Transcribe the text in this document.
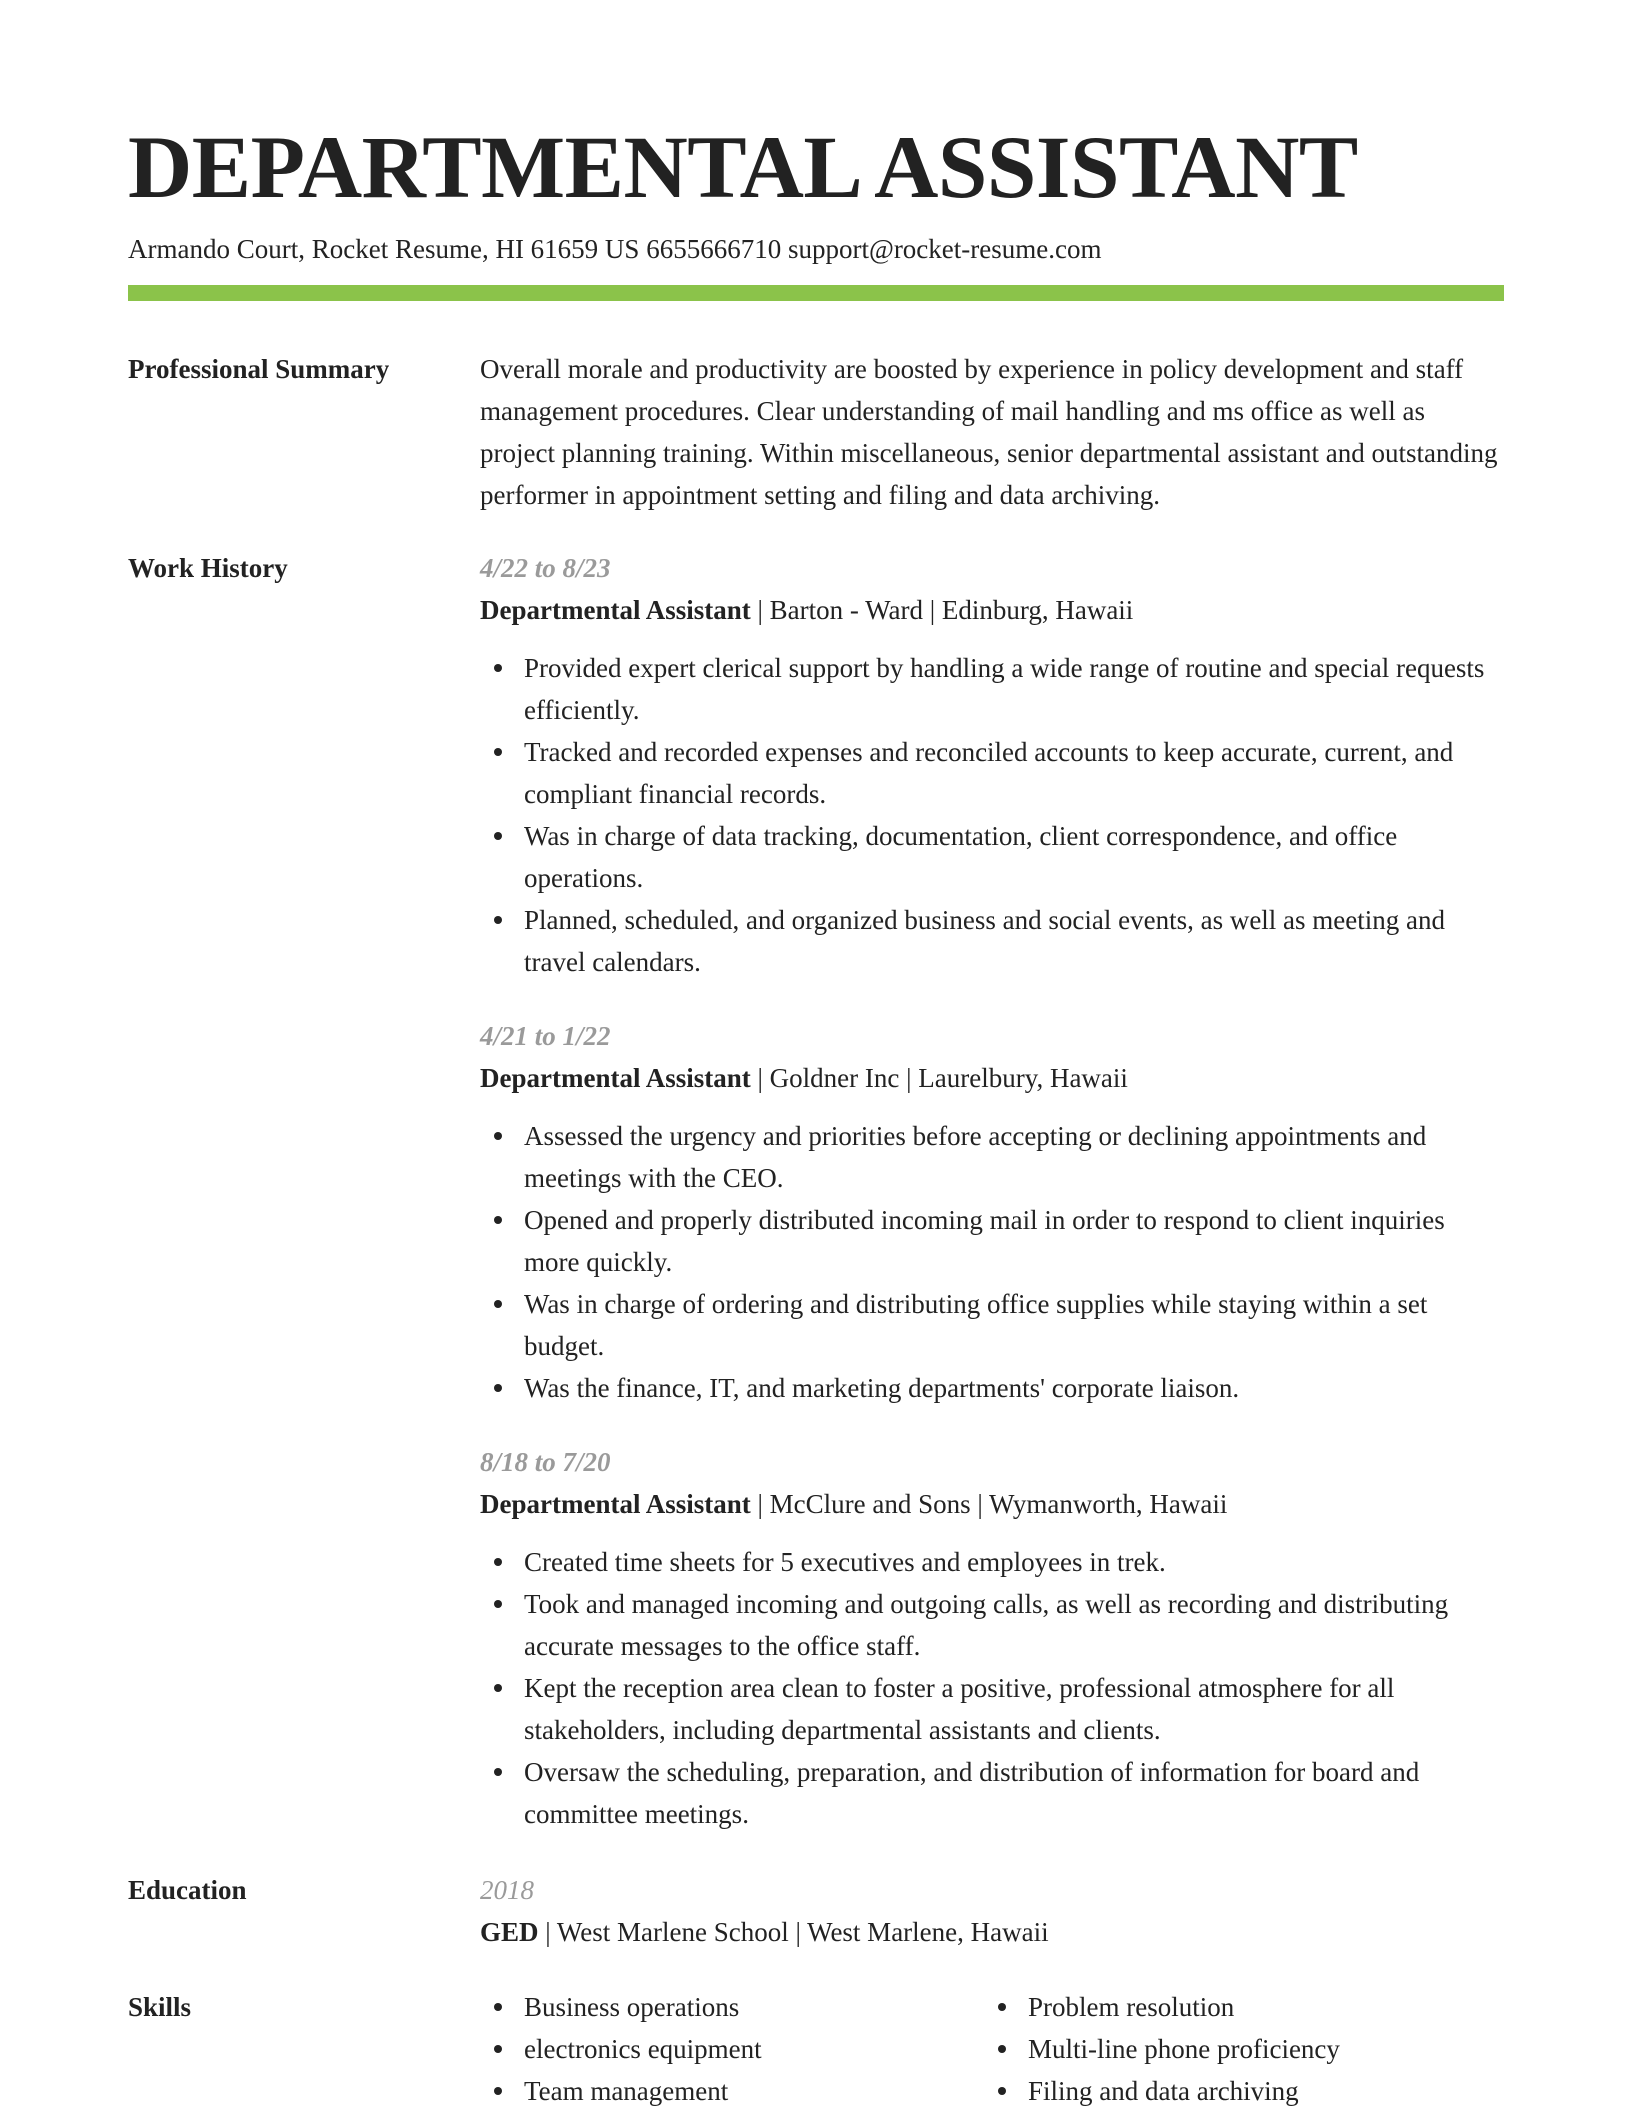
DEPARTMENTAL ASSISTANT
Armando Court, Rocket Resume, HI 61659 US 6655666710 support@rocket-resume.com
Professional Summary	Overall morale and productivity are boosted by experience in policy development and staff management procedures. Clear understanding of mail handling and ms office as well as project planning training. Within miscellaneous, senior departmental assistant and outstanding performer in appointment setting and filing and data archiving.
Work History	4/22 to 8/23
Departmental Assistant | Barton - Ward | Edinburg, Hawaii
Provided expert clerical support by handling a wide range of routine and special requests efficiently.
Tracked and recorded expenses and reconciled accounts to keep accurate, current, and compliant financial records.
Was in charge of data tracking, documentation, client correspondence, and office operations.
Planned, scheduled, and organized business and social events, as well as meeting and travel calendars.
4/21 to 1/22
Departmental Assistant | Goldner Inc | Laurelbury, Hawaii
Assessed the urgency and priorities before accepting or declining appointments and meetings with the CEO.
Opened and properly distributed incoming mail in order to respond to client inquiries more quickly.
Was in charge of ordering and distributing office supplies while staying within a set budget.
Was the finance, IT, and marketing departments' corporate liaison.
8/18 to 7/20
Departmental Assistant | McClure and Sons | Wymanworth, Hawaii
Created time sheets for 5 executives and employees in trek.
Took and managed incoming and outgoing calls, as well as recording and distributing accurate messages to the office staff.
Kept the reception area clean to foster a positive, professional atmosphere for all stakeholders, including departmental assistants and clients.
Oversaw the scheduling, preparation, and distribution of information for board and committee meetings.
Education	2018
GED | West Marlene School | West Marlene, Hawaii
Skills	Business operations
electronics equipment
Team management
Problem resolution
Multi-line phone proficiency
Filing and data archiving
